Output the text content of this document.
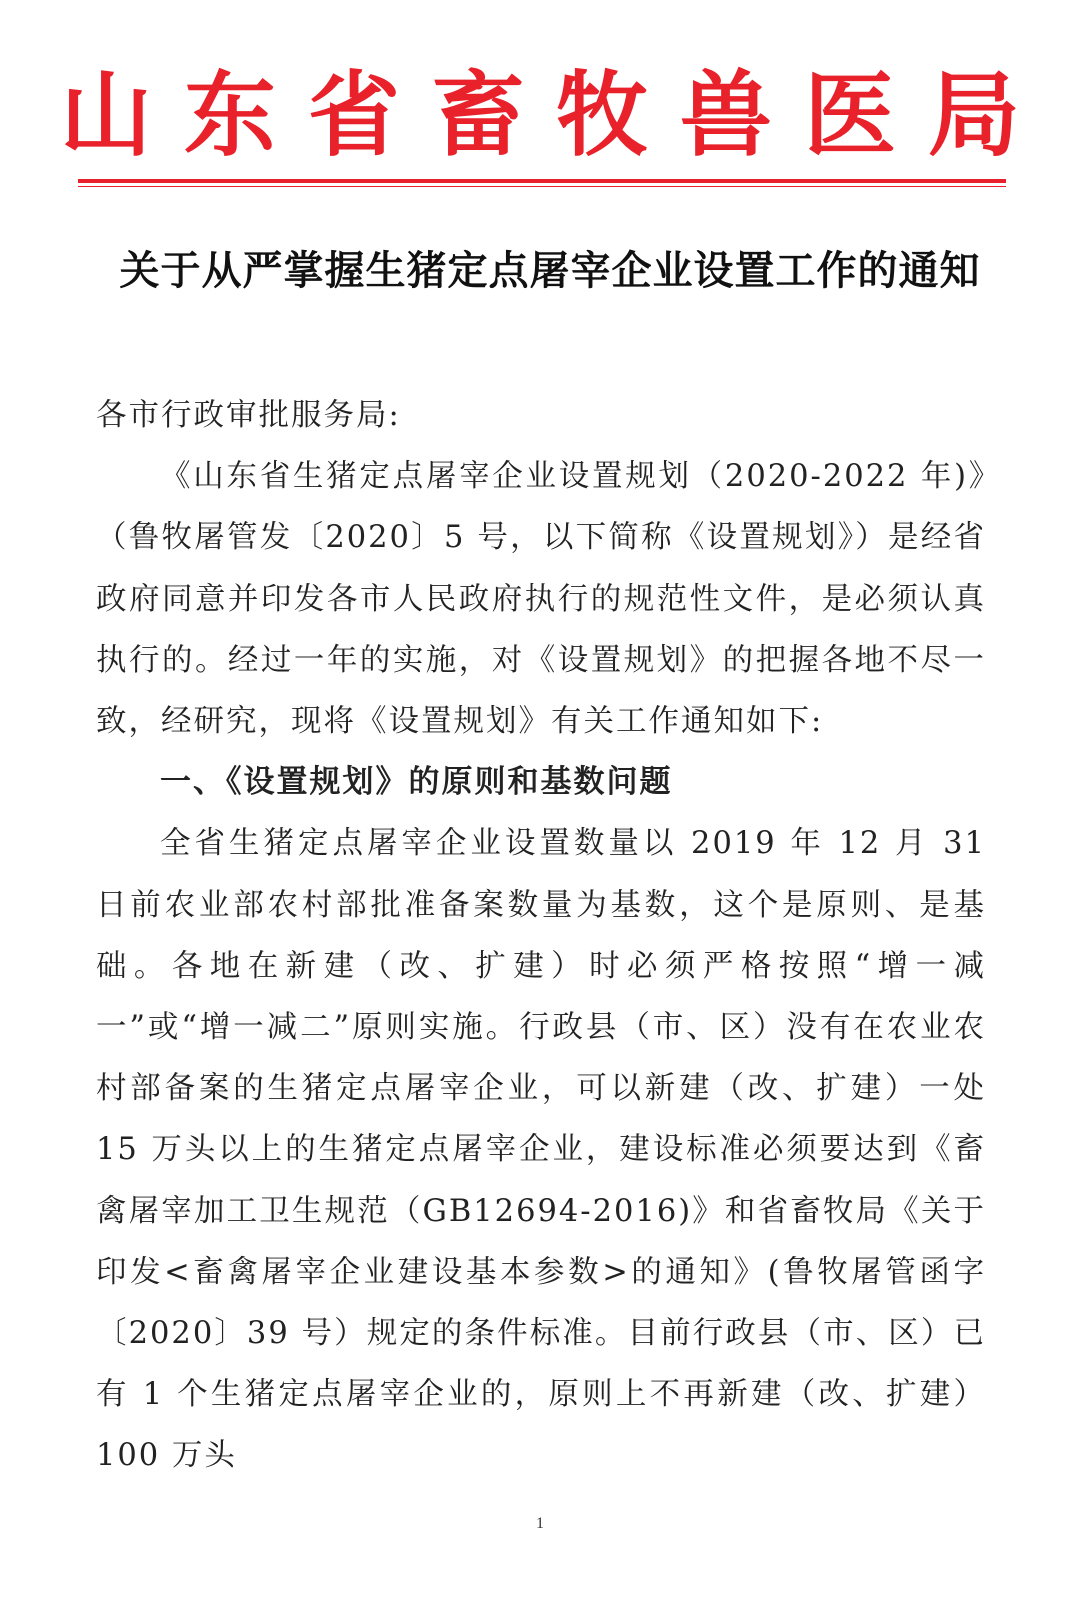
山 东 省 畜 牧 兽 医 局
关于从严掌握生猪定点屠宰企业设置工作的通知

各市行政审批服务局:

《山东省生猪定点屠宰企业设置规划（2020-2022 年)》（鲁牧屠管发〔2020〕5 号，以下简称《设置规划》）是经省政府同意并印发各市人民政府执行的规范性文件，是必须认真执行的。经过一年的实施，对《设置规划》的把握各地不尽一致，经研究，现将《设置规划》有关工作通知如下:

一、《设置规划》的原则和基数问题

全省生猪定点屠宰企业设置数量以 2019 年 12 月 31 日前农业部农村部批准备案数量为基数，这个是原则、是基础。各地在新建（改、扩建）时必须严格按照“增一减一”或“增一减二”原则实施。行政县（市、区）没有在农业农村部备案的生猪定点屠宰企业，可以新建（改、扩建）一处 15 万头以上的生猪定点屠宰企业，建设标准必须要达到《畜禽屠宰加工卫生规范（GB12694-2016)》和省畜牧局《关于印发<畜禽屠宰企业建设基本参数>的通知》(鲁牧屠管函字〔2020〕39 号）规定的条件标准。目前行政县（市、区）已有 1 个生猪定点屠宰企业的，原则上不再新建（改、扩建）100 万头

1
